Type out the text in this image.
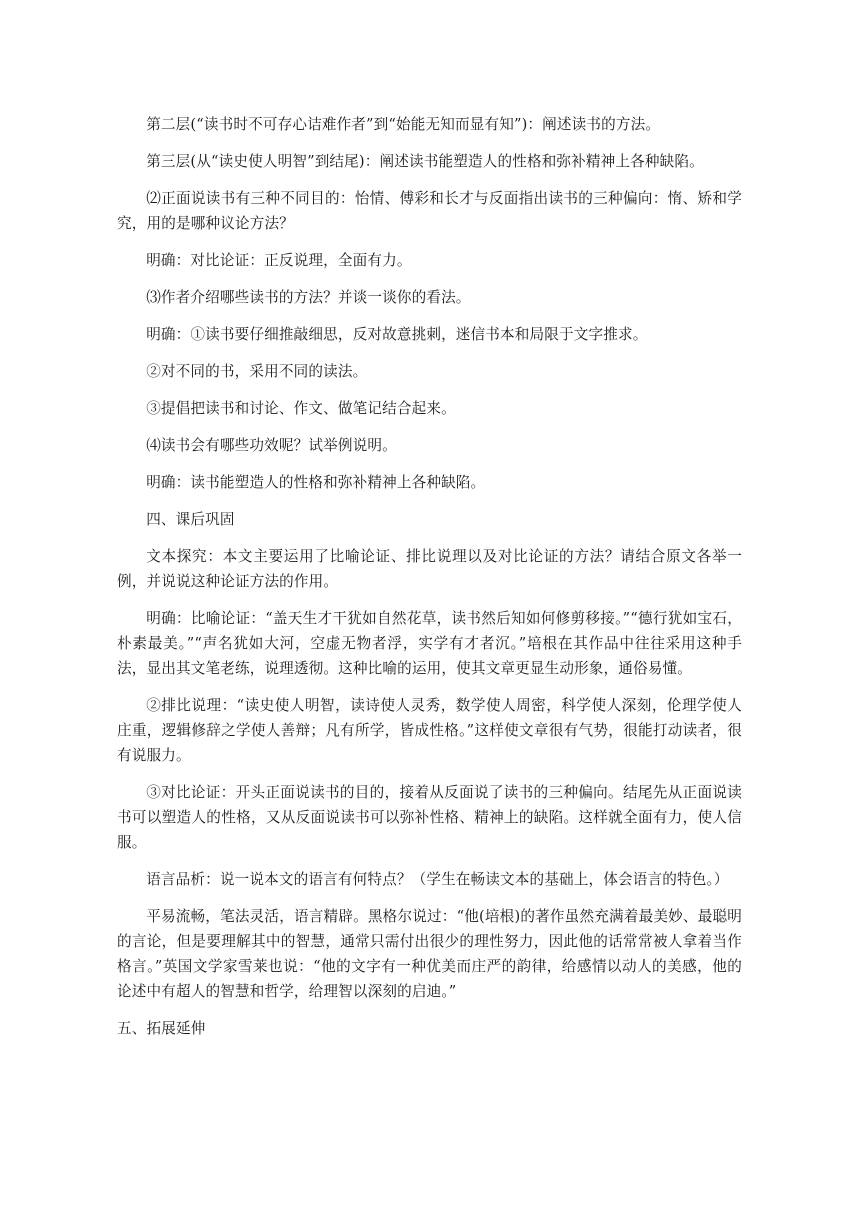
第二层(“读书时不可存心诘难作者”到“始能无知而显有知”)：阐述读书的方法。

第三层(从“读史使人明智”到结尾)：阐述读书能塑造人的性格和弥补精神上各种缺陷。

⑵正面说读书有三种不同目的：怡情、傅彩和长才与反面指出读书的三种偏向：惰、矫和学究，用的是哪种议论方法？

明确：对比论证：正反说理，全面有力。

⑶作者介绍哪些读书的方法？并谈一谈你的看法。

明确：①读书要仔细推敲细思，反对故意挑刺，迷信书本和局限于文字推求。

②对不同的书，采用不同的读法。

③提倡把读书和讨论、作文、做笔记结合起来。

⑷读书会有哪些功效呢？试举例说明。

明确：读书能塑造人的性格和弥补精神上各种缺陷。

四、课后巩固

文本探究：本文主要运用了比喻论证、排比说理以及对比论证的方法？请结合原文各举一例，并说说这种论证方法的作用。

明确：比喻论证：“盖天生才干犹如自然花草，读书然后知如何修剪移接。”“德行犹如宝石，朴素最美。”“声名犹如大河，空虚无物者浮，实学有才者沉。”培根在其作品中往往采用这种手法，显出其文笔老练，说理透彻。这种比喻的运用，使其文章更显生动形象，通俗易懂。

②排比说理：“读史使人明智，读诗使人灵秀，数学使人周密，科学使人深刻，伦理学使人庄重，逻辑修辞之学使人善辩；凡有所学，皆成性格。”这样使文章很有气势，很能打动读者，很有说服力。

③对比论证：开头正面说读书的目的，接着从反面说了读书的三种偏向。结尾先从正面说读书可以塑造人的性格，又从反面说读书可以弥补性格、精神上的缺陷。这样就全面有力，使人信服。

语言品析：说一说本文的语言有何特点？（学生在畅读文本的基础上，体会语言的特色。）

平易流畅，笔法灵活，语言精辟。黑格尔说过：“他(培根)的著作虽然充满着最美妙、最聪明的言论，但是要理解其中的智慧，通常只需付出很少的理性努力，因此他的话常常被人拿着当作格言。”英国文学家雪莱也说：“他的文字有一种优美而庄严的韵律，给感情以动人的美感，他的论述中有超人的智慧和哲学，给理智以深刻的启迪。”

五、拓展延伸
